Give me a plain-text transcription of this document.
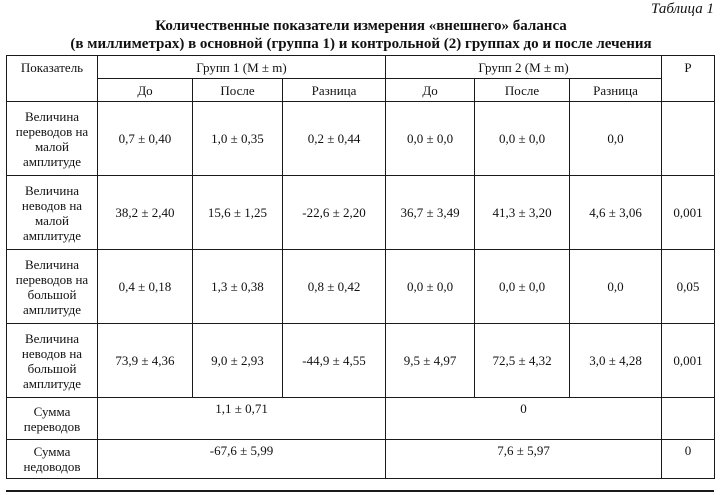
Таблица 1
Количественные показатели измерения «внешнего» баланса
(в миллиметрах) в основной (группа 1) и контрольной (2) группах до и после лечения
Показатель	Групп 1 (M ± m)			Групп 2 (M ± m)			P
	До	После	Разница	До	После	Разница	
Величина переводов на малой амплитуде	0,7 ± 0,40	1,0 ± 0,35	0,2 ± 0,44	0,0 ± 0,0	0,0 ± 0,0	0,0	
Величина неводов на малой амплитуде	38,2 ± 2,40	15,6 ± 1,25	-22,6 ± 2,20	36,7 ± 3,49	41,3 ± 3,20	4,6 ± 3,06	0,001
Величина переводов на большой амплитуде	0,4 ± 0,18	1,3 ± 0,38	0,8 ± 0,42	0,0 ± 0,0	0,0 ± 0,0	0,0	0,05
Величина неводов на большой амплитуде	73,9 ± 4,36	9,0 ± 2,93	-44,9 ± 4,55	9,5 ± 4,97	72,5 ± 4,32	3,0 ± 4,28	0,001
Сумма переводов	1,1 ± 0,71			0			
Сумма недоводов	-67,6 ± 5,99			7,6 ± 5,97			0
